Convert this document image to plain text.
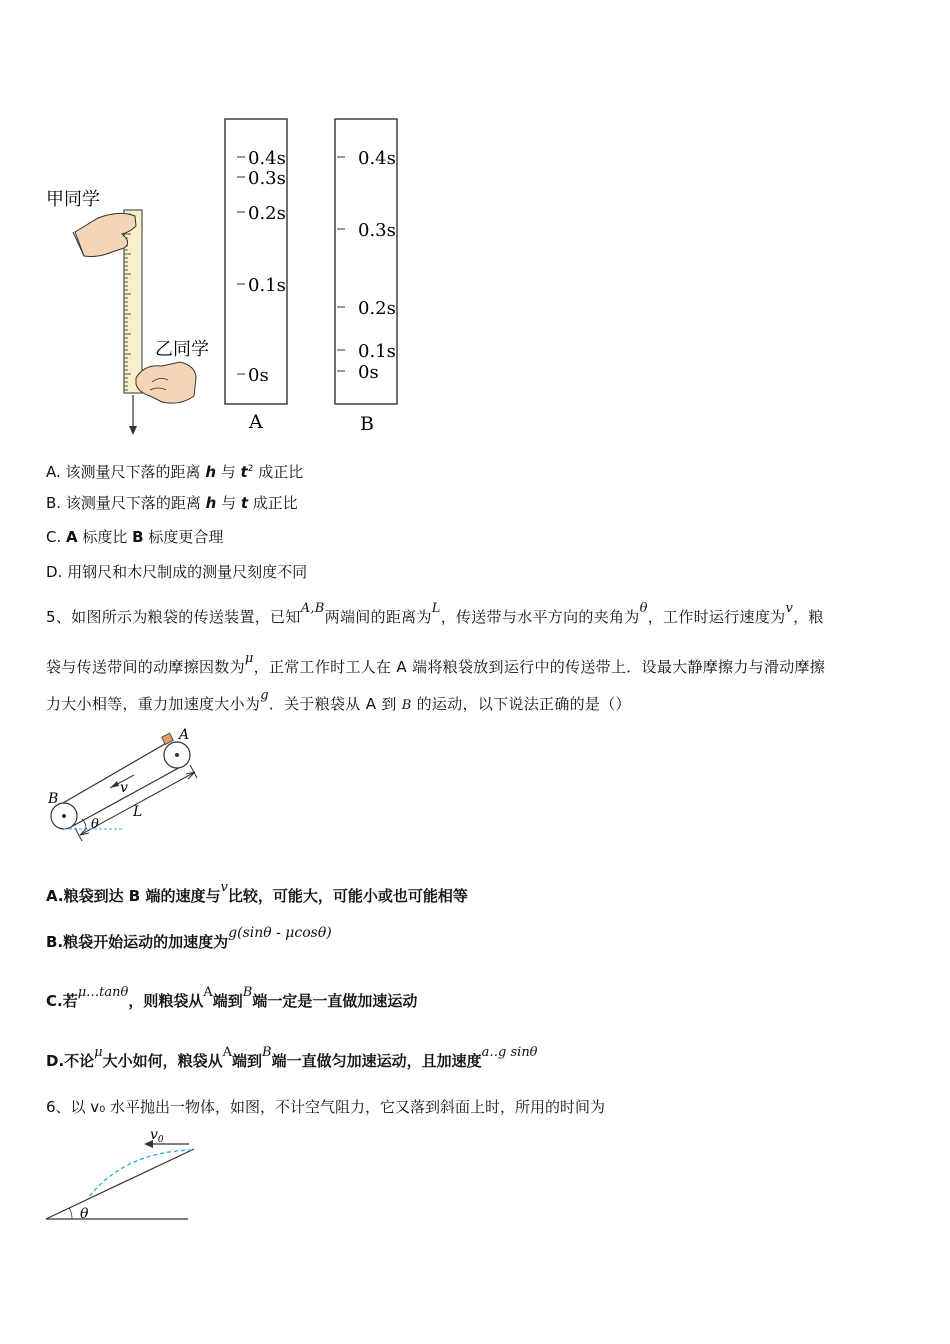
甲同学
乙同学
0.4s
0.3s
0.2s
0.1s
0s
A
0.4s
0.3s
0.2s
0.1s
0s
B
A. 该测量尺下落的距离 h 与 $t^2$ 成正比
B. 该测量尺下落的距离 h 与 t 成正比
C. A 标度比 B 标度更合理
D. 用钢尺和木尺制成的测量尺刻度不同
5、如图所示为粮袋的传送装置，已知A,B两端间的距离为L，传送带与水平方向的夹角为θ，工作时运行速度为v，粮
袋与传送带间的动摩擦因数为μ，正常工作时工人在 A 端将粮袋放到运行中的传送带上．设最大静摩擦力与滑动摩擦
力大小相等，重力加速度大小为g．关于粮袋从 A 到 B 的运动，以下说法正确的是（）
A
B
v
L
θ
A.粮袋到达 B 端的速度与v比较，可能大，可能小或也可能相等
B.粮袋开始运动的加速度为g(sinθ - μcosθ)
C.若μ…tanθ，则粮袋从A端到B端一定是一直做加速运动
D.不论μ大小如何，粮袋从A端到B端一直做匀加速运动，且加速度a‥g sinθ
6、以 v₀ 水平抛出一物体，如图，不计空气阻力，它又落到斜面上时，所用的时间为
$v_0$
θ
